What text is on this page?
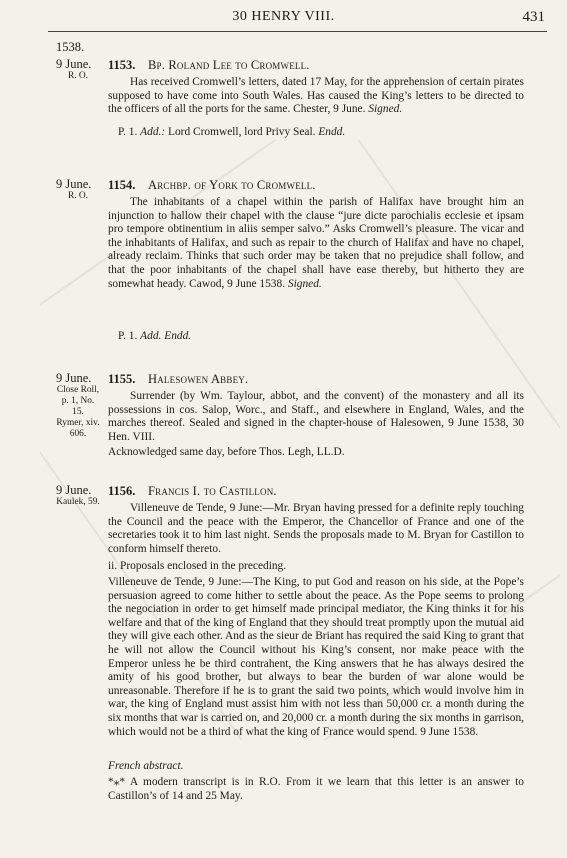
30 HENRY VIII.	431
1538.
9 June.
R. O.
1153. Bp. Roland Lee to Cromwell.
Has received Cromwell’s letters, dated 17 May, for the apprehension of certain pirates supposed to have come into South Wales. Has caused the King’s letters to be directed to the officers of all the ports for the same. Chester, 9 June. Signed.
P. 1. Add.: Lord Cromwell, lord Privy Seal. Endd.
9 June.
R. O.
1154. Archbp. of York to Cromwell.
The inhabitants of a chapel within the parish of Halifax have brought him an injunction to hallow their chapel with the clause “jure dicte parochialis ecclesie et ipsam pro tempore obtinentium in aliis semper salvo.” Asks Cromwell’s pleasure. The vicar and the inhabitants of Halifax, and such as repair to the church of Halifax and have no chapel, already reclaim. Thinks that such order may be taken that no prejudice shall follow, and that the poor inhabitants of the chapel shall have ease thereby, but hitherto they are somewhat heady. Cawod, 9 June 1538. Signed.
P. 1. Add. Endd.
9 June.
Close Roll,
p. 1, No. 15.
Rymer, xiv.
606.
1155. Halesowen Abbey.
Surrender (by Wm. Taylour, abbot, and the convent) of the monastery and all its possessions in cos. Salop, Worc., and Staff., and elsewhere in England, Wales, and the marches thereof. Sealed and signed in the chapter-house of Halesowen, 9 June 1538, 30 Hen. VIII.
Acknowledged same day, before Thos. Legh, LL.D.
9 June.
Kaulek, 59.
1156. Francis I. to Castillon.
Villeneuve de Tende, 9 June:—Mr. Bryan having pressed for a definite reply touching the Council and the peace with the Emperor, the Chancellor of France and one of the secretaries took it to him last night. Sends the proposals made to M. Bryan for Castillon to conform himself thereto.
ii. Proposals enclosed in the preceding.
Villeneuve de Tende, 9 June:—The King, to put God and reason on his side, at the Pope’s persuasion agreed to come hither to settle about the peace. As the Pope seems to prolong the negociation in order to get himself made principal mediator, the King thinks it for his welfare and that of the king of England that they should treat promptly upon the mutual aid they will give each other. And as the sieur de Briant has required the said King to grant that he will not allow the Council without his King’s consent, nor make peace with the Emperor unless he be third contrahent, the King answers that he has always desired the amity of his good brother, but always to bear the burden of war alone would be unreasonable. Therefore if he is to grant the said two points, which would involve him in war, the king of England must assist him with not less than 50,000 cr. a month during the six months that war is carried on, and 20,000 cr. a month during the six months in garrison, which would not be a third of what the king of France would spend. 9 June 1538.
French abstract.
*⁎* A modern transcript is in R.O. From it we learn that this letter is an answer to Castillon’s of 14 and 25 May.
